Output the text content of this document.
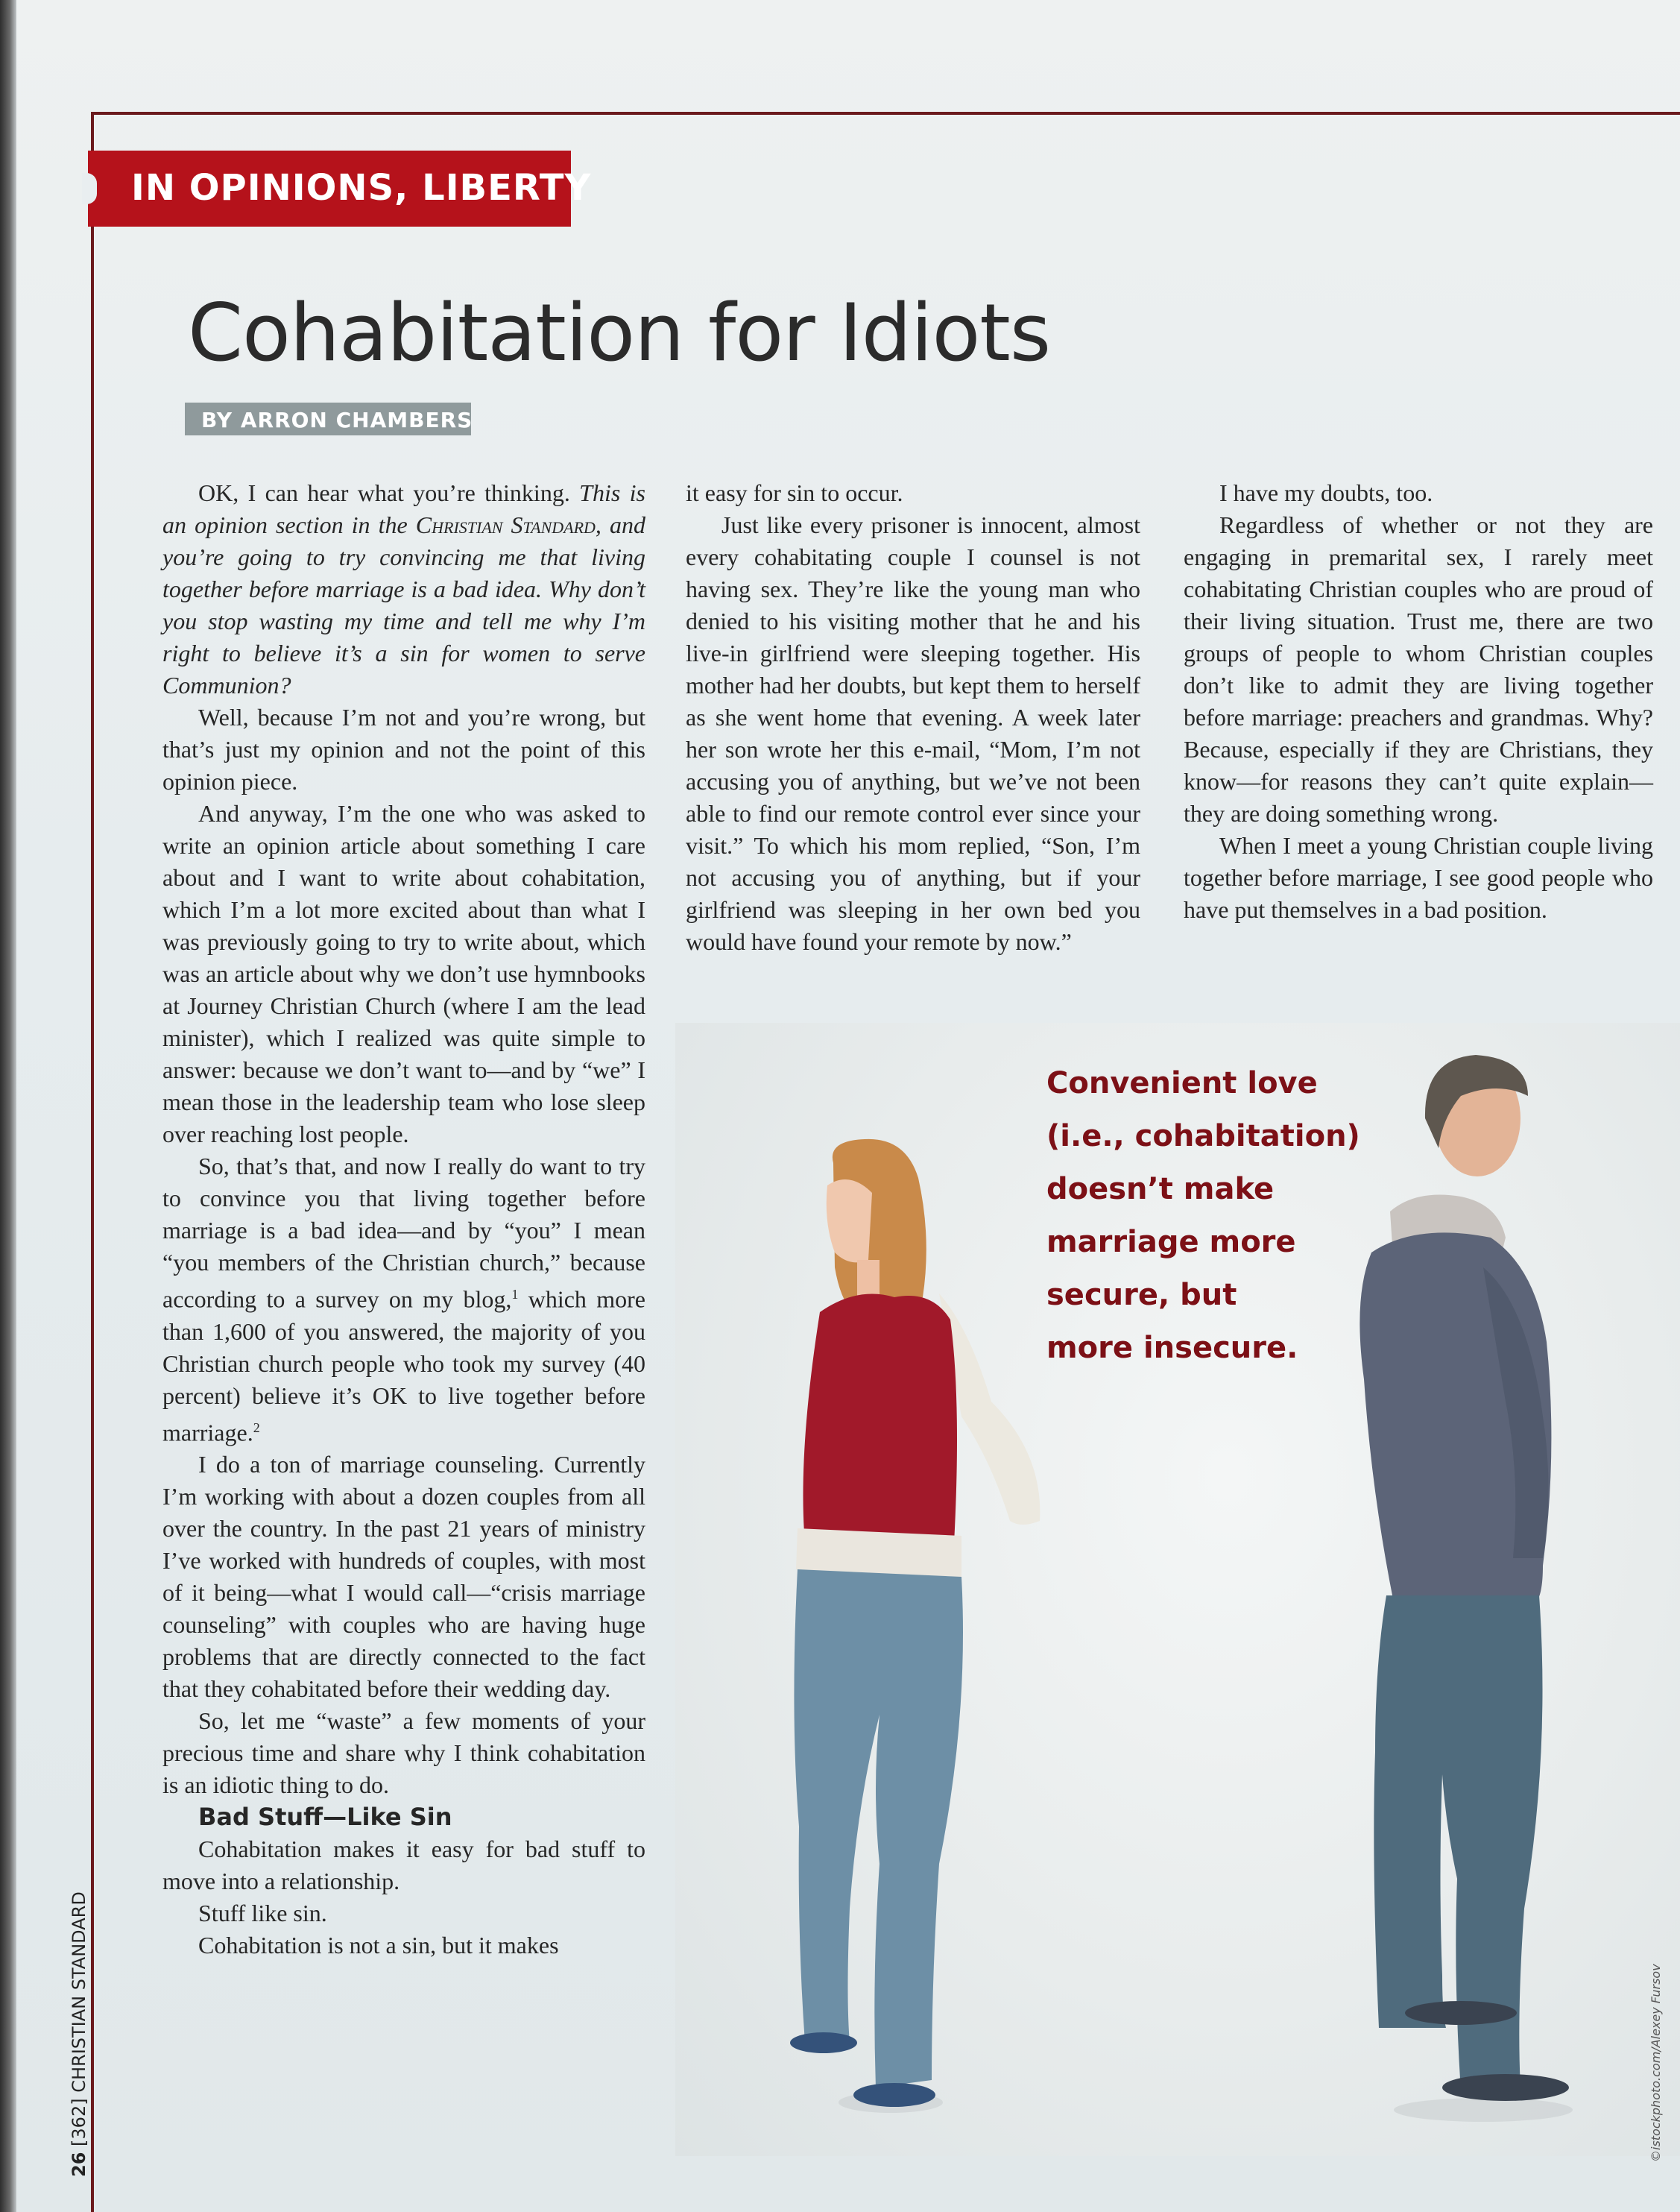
IN OPINIONS, LIBERTY
Cohabitation for Idiots
BY ARRON CHAMBERS

OK, I can hear what you’re thinking. This is an opinion section in the Christian Standard, and you’re going to try convincing me that living together before marriage is a bad idea. Why don’t you stop wasting my time and tell me why I’m right to believe it’s a sin for women to serve Communion?

Well, because I’m not and you’re wrong, but that’s just my opinion and not the point of this opinion piece.

And anyway, I’m the one who was asked to write an opinion article about something I care about and I want to write about cohabitation, which I’m a lot more excited about than what I was previously going to try to write about, which was an article about why we don’t use hymnbooks at Journey Christian Church (where I am the lead minister), which I realized was quite simple to answer: because we don’t want to—and by “we” I mean those in the leadership team who lose sleep over reaching lost people.

So, that’s that, and now I really do want to try to convince you that living together before marriage is a bad idea—and by “you” I mean “you members of the Christian church,” because according to a survey on my blog,$^1$ which more than 1,600 of you answered, the majority of you Christian church people who took my survey (40 percent) believe it’s OK to live together before marriage.$^2$

I do a ton of marriage counseling. Currently I’m working with about a dozen couples from all over the country. In the past 21 years of ministry I’ve worked with hundreds of couples, with most of it being—what I would call—“crisis marriage counseling” with couples who are having huge problems that are directly connected to the fact that they cohabitated before their wedding day.

So, let me “waste” a few moments of your precious time and share why I think cohabitation is an idiotic thing to do.

Bad Stuff—Like Sin

Cohabitation makes it easy for bad stuff to move into a relationship.

Stuff like sin.

Cohabitation is not a sin, but it makes

it easy for sin to occur.

Just like every prisoner is innocent, almost every cohabitating couple I counsel is not having sex. They’re like the young man who denied to his visiting mother that he and his live-in girlfriend were sleeping together. His mother had her doubts, but kept them to herself as she went home that evening. A week later her son wrote her this e-mail, “Mom, I’m not accusing you of anything, but we’ve not been able to find our remote control ever since your visit.” To which his mom replied, “Son, I’m not accusing you of anything, but if your girlfriend was sleeping in her own bed you would have found your remote by now.”

I have my doubts, too.

Regardless of whether or not they are engaging in premarital sex, I rarely meet cohabitating Christian couples who are proud of their living situation. Trust me, there are two groups of people to whom Christian couples don’t like to admit they are living together before marriage: preachers and grandmas. Why? Because, especially if they are Christians, they know—for reasons they can’t quite explain—they are doing something wrong.

When I meet a young Christian couple living together before marriage, I see good people who have put themselves in a bad position.

Convenient love
(i.e., cohabitation)
doesn’t make
marriage more
secure, but
more insecure.
©istockphoto.com/Alexey Fursov
26 [362] CHRISTIAN STANDARD
